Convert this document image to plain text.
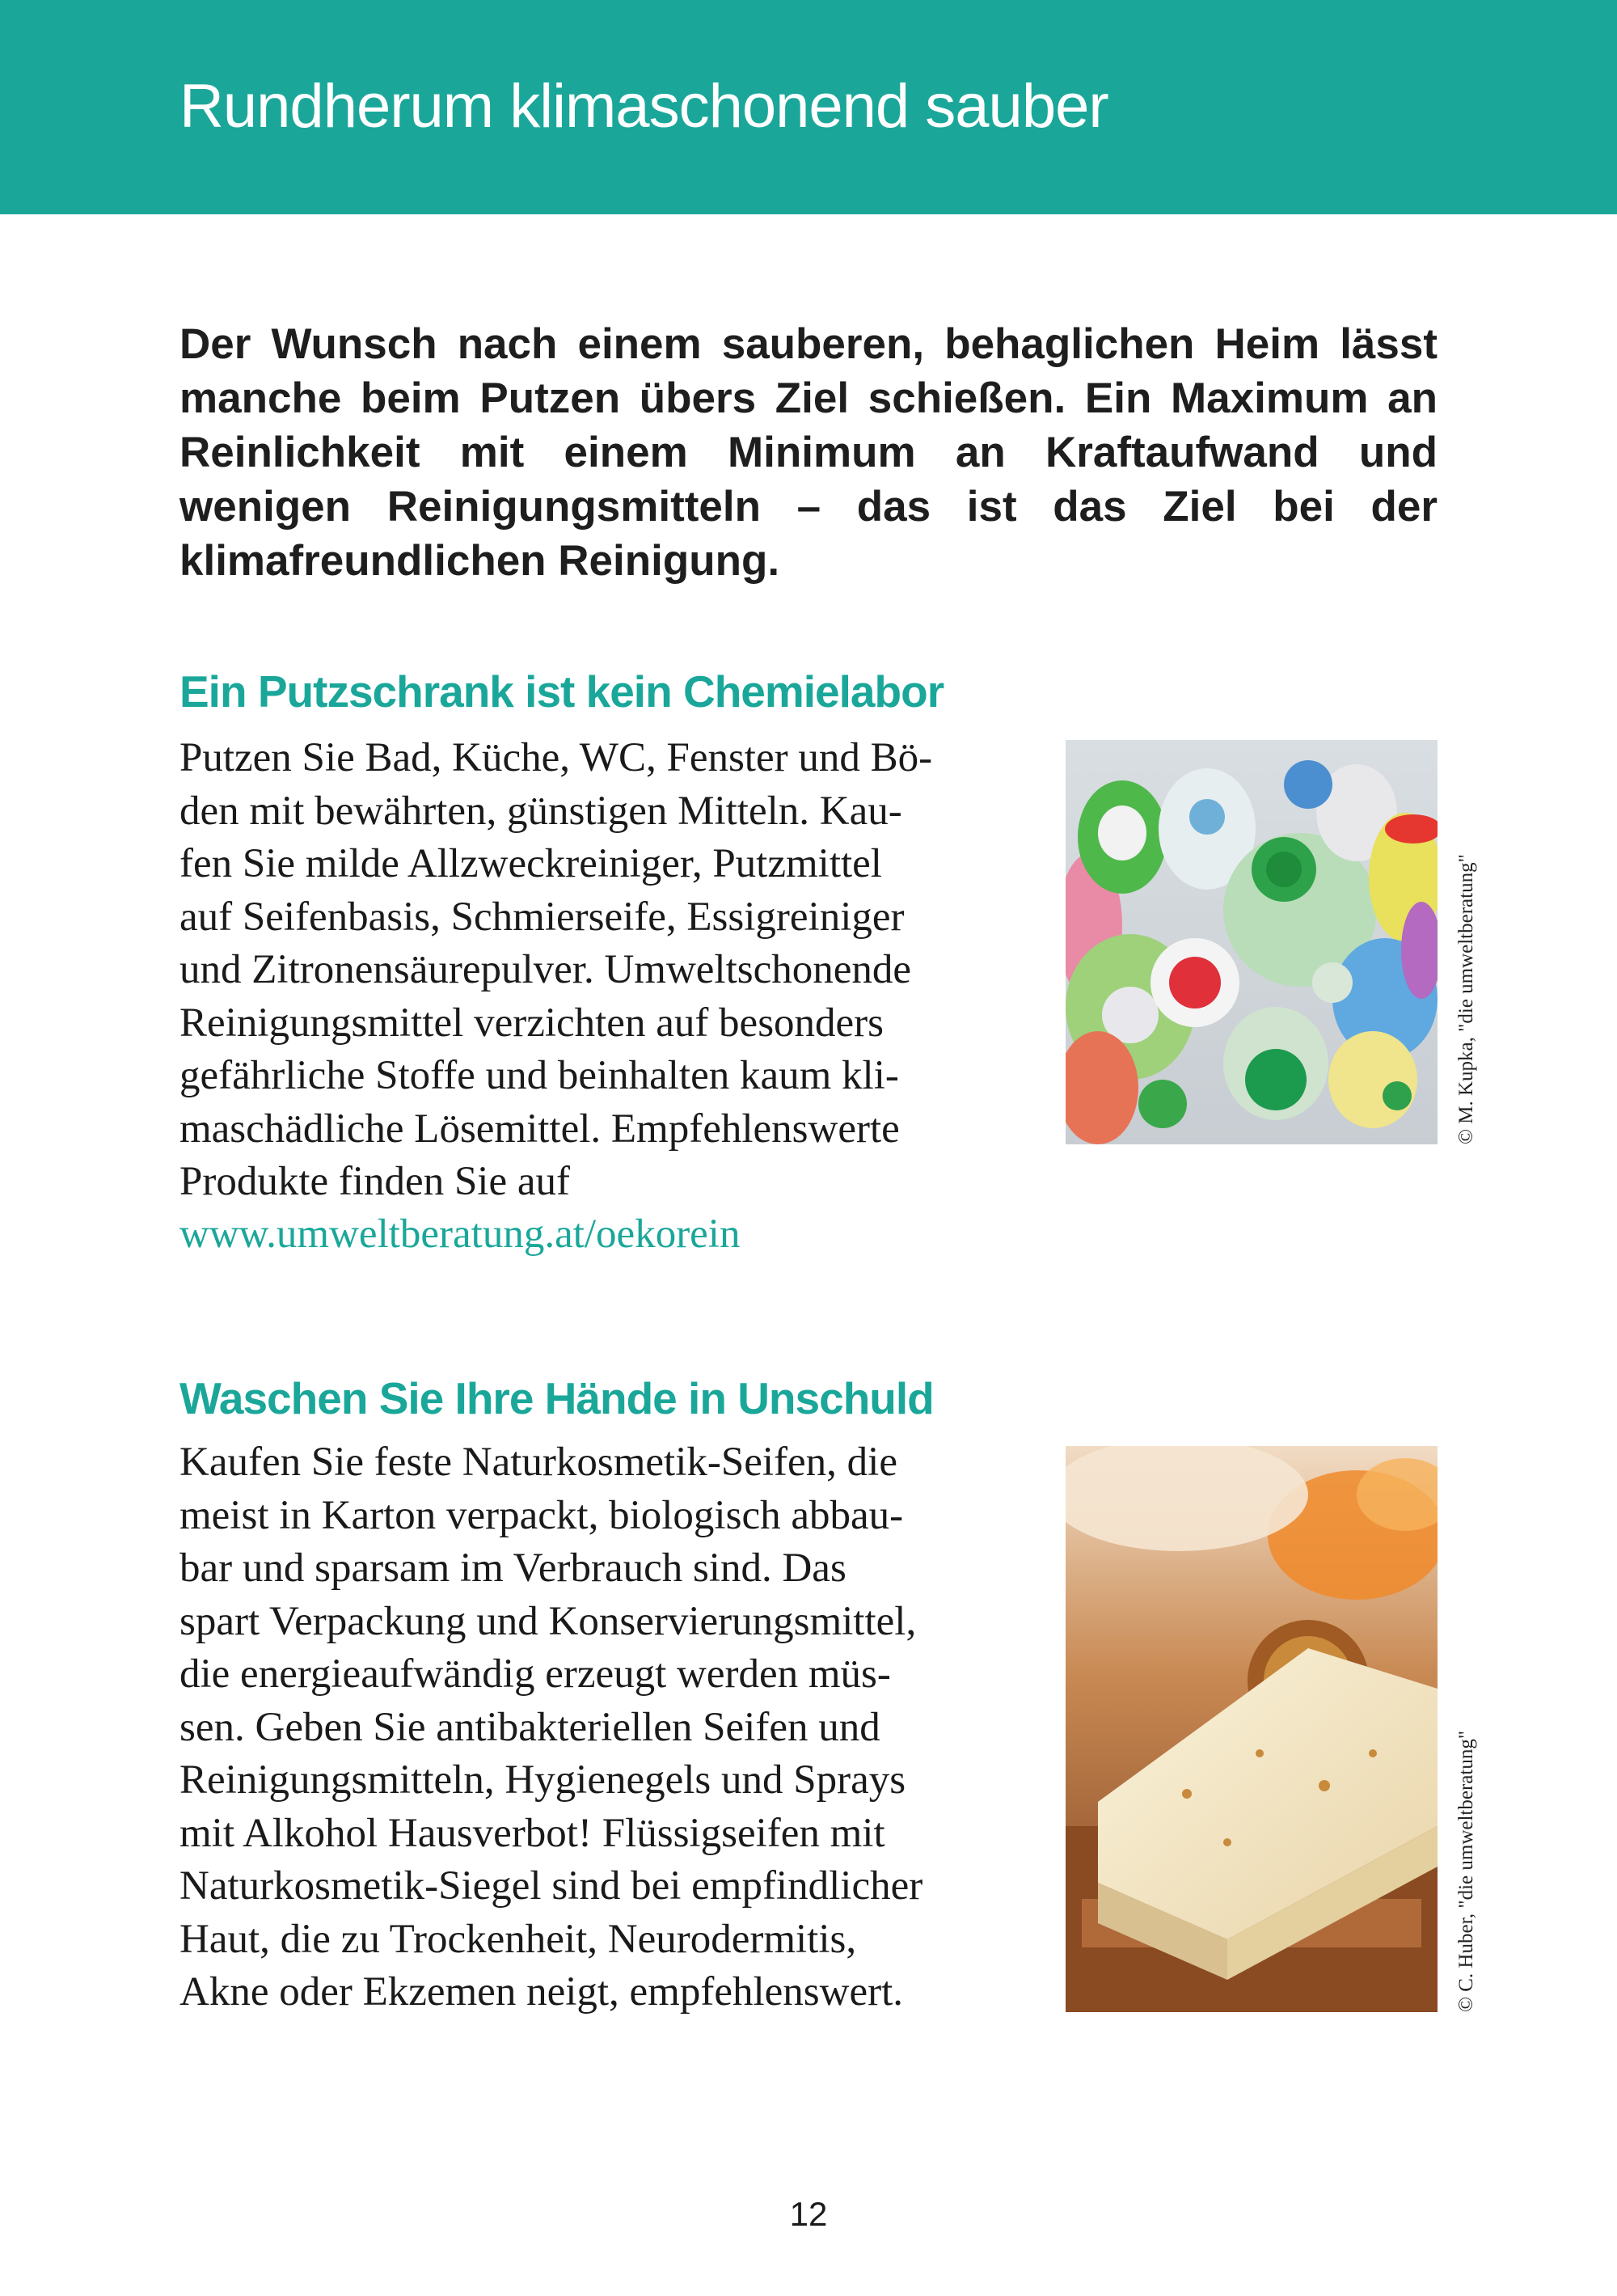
Rundherum klimaschonend sauber

Der Wunsch nach einem sauberen, behaglichen Heim lässt manche beim Putzen übers Ziel schießen. Ein Maximum an Reinlichkeit mit einem Minimum an Kraftaufwand und wenigen Reinigungsmitteln – das ist das Ziel bei der klimafreundlichen Reinigung.

Ein Putzschrank ist kein Chemielabor
Putzen Sie Bad, Küche, WC, Fenster und Bö-
den mit bewährten, günstigen Mitteln. Kau-
fen Sie milde Allzweckreiniger, Putzmittel
auf Seifenbasis, Schmierseife, Essigreiniger
und Zitronensäurepulver. Umweltschonende
Reinigungsmittel verzichten auf besonders
gefährliche Stoffe und beinhalten kaum kli-
maschädliche Lösemittel. Empfehlenswerte
Produkte finden Sie auf
www.umweltberatung.at/oekorein
© M. Kupka, "die umweltberatung"
Waschen Sie Ihre Hände in Unschuld
Kaufen Sie feste Naturkosmetik-Seifen, die
meist in Karton verpackt, biologisch abbau-
bar und sparsam im Verbrauch sind. Das
spart Verpackung und Konservierungsmittel,
die energieaufwändig erzeugt werden müs-
sen. Geben Sie antibakteriellen Seifen und
Reinigungsmitteln, Hygienegels und Sprays
mit Alkohol Hausverbot! Flüssigseifen mit
Naturkosmetik-Siegel sind bei empfindlicher
Haut, die zu Trockenheit, Neurodermitis,
Akne oder Ekzemen neigt, empfehlenswert.	© C. Huber, "die umweltberatung"
12
